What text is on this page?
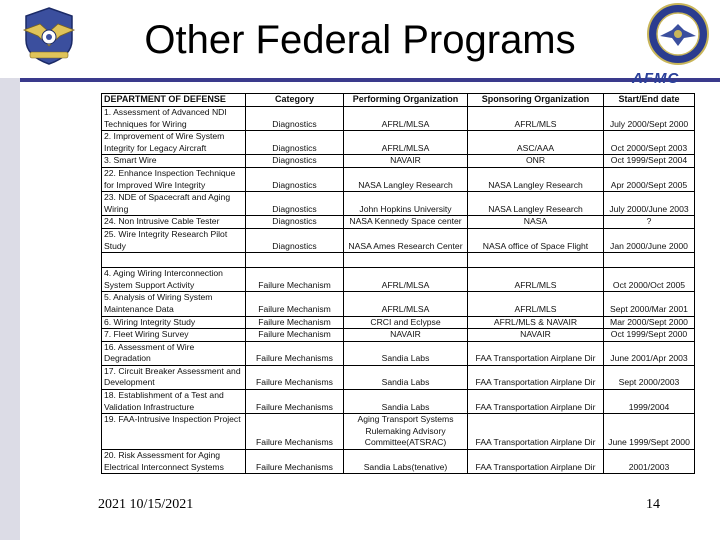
Other Federal Programs
AFMC
DEPARTMENT OF DEFENSE	Category	Performing Organization	Sponsoring Organization	Start/End date
1. Assessment of Advanced NDI Techniques for Wiring	Diagnostics	AFRL/MLSA	AFRL/MLS	July 2000/Sept 2000
2. Improvement of Wire System Integrity for Legacy Aircraft	Diagnostics	AFRL/MLSA	ASC/AAA	Oct 2000/Sept 2003
3. Smart Wire	Diagnostics	NAVAIR	ONR	Oct 1999/Sept 2004
22. Enhance Inspection Technique for Improved Wire Integrity	Diagnostics	NASA Langley Research	NASA Langley Research	Apr 2000/Sept 2005
23. NDE of Spacecraft and Aging Wiring	Diagnostics	John Hopkins University	NASA Langley Research	July 2000/June 2003
24. Non Intrusive Cable Tester	Diagnostics	NASA Kennedy Space center	NASA	?
25. Wire Integrity Research Pilot Study	Diagnostics	NASA Ames Research Center	NASA office of Space Flight	Jan 2000/June 2000

4. Aging Wiring Interconnection System Support Activity	Failure Mechanism	AFRL/MLSA	AFRL/MLS	Oct 2000/Oct 2005
5. Analysis of Wiring System Maintenance Data	Failure Mechanism	AFRL/MLSA	AFRL/MLS	Sept 2000/Mar 2001
6. Wiring Integrity Study	Failure Mechanism	CRCI and Eclypse	AFRL/MLS & NAVAIR	Mar 2000/Sept 2000
7. Fleet Wiring Survey	Failure Mechanism	NAVAIR	NAVAIR	Oct 1999/Sept 2000
16. Assessment of Wire Degradation	Failure Mechanisms	Sandia Labs	FAA Transportation Airplane Dir	June 2001/Apr 2003
17. Circuit Breaker Assessment and Development	Failure Mechanisms	Sandia Labs	FAA Transportation Airplane Dir	Sept 2000/2003
18. Establishment of a Test and Validation Infrastructure	Failure Mechanisms	Sandia Labs	FAA Transportation Airplane Dir	1999/2004
19. FAA-Intrusive Inspection Project	Failure Mechanisms	Aging Transport Systems Rulemaking Advisory Committee(ATSRAC)	FAA Transportation Airplane Dir	June 1999/Sept 2000
20. Risk Assessment for Aging Electrical Interconnect Systems	Failure Mechanisms	Sandia Labs(tenative)	FAA Transportation Airplane Dir	2001/2003
2021 10/15/2021	14
